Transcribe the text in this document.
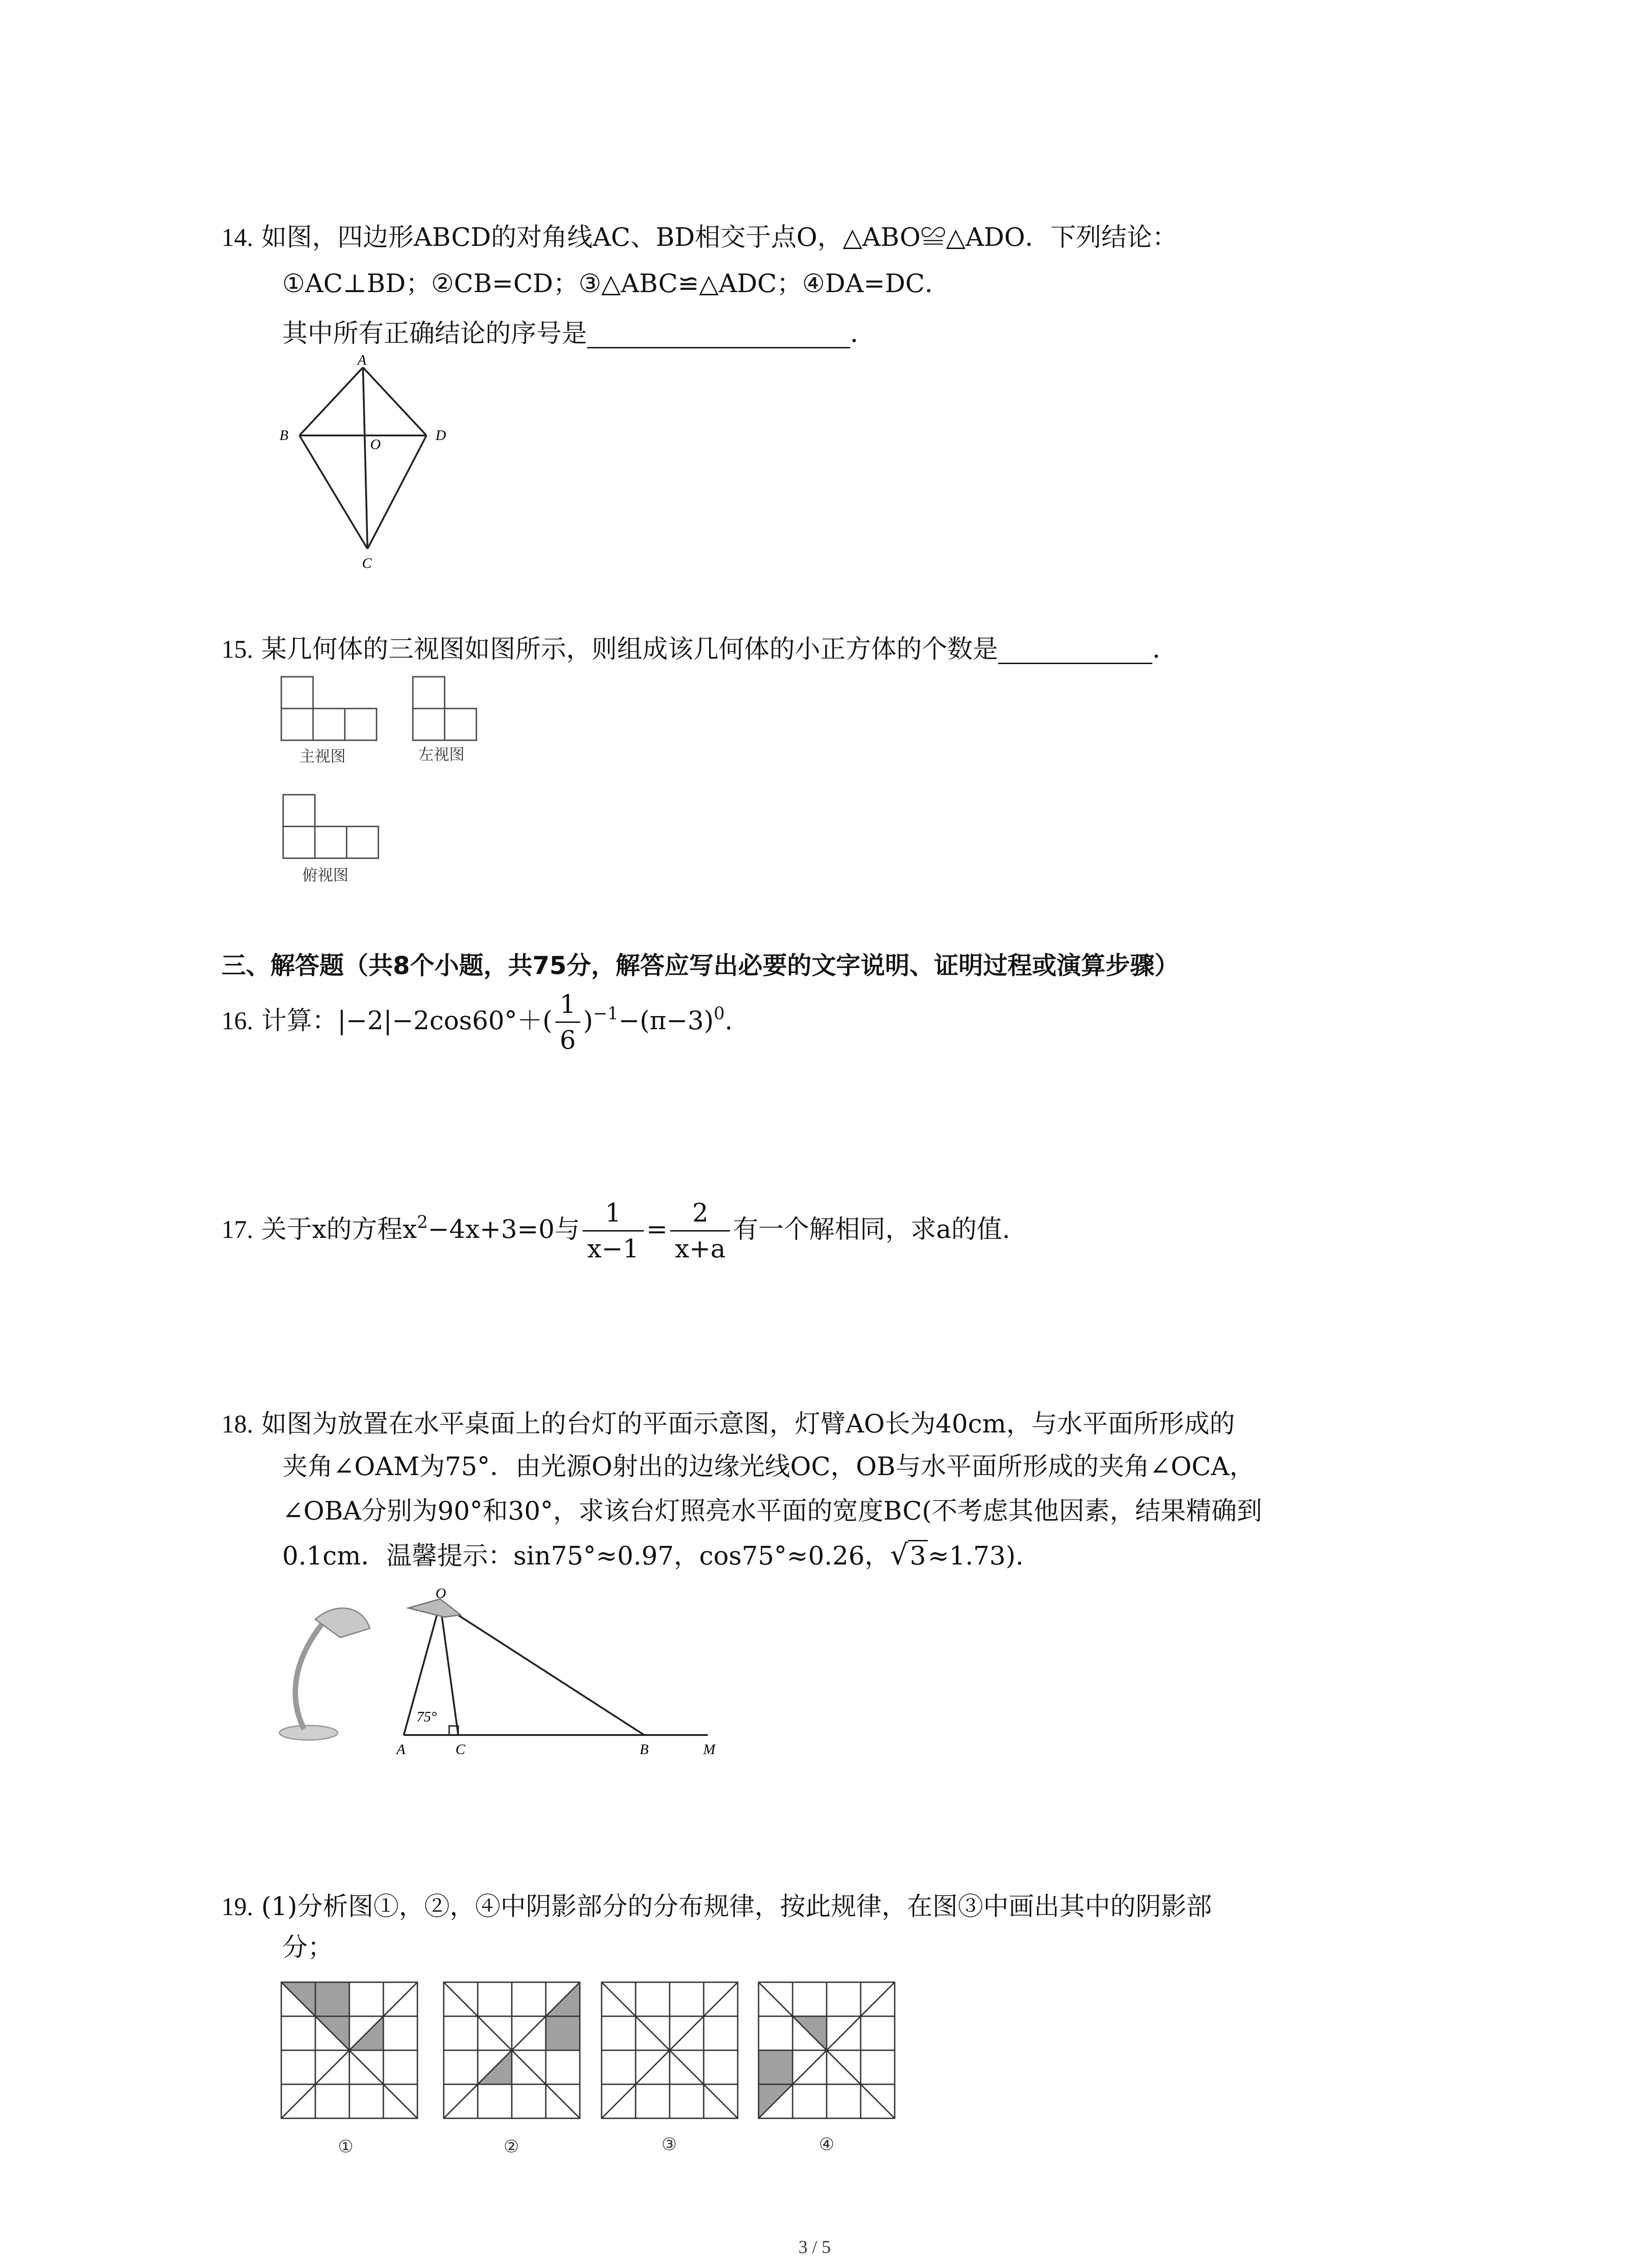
14. 如图，四边形ABCD的对角线AC、BD相交于点O，△ABO≌△ADO．下列结论：
①AC⊥BD；②CB=CD；③△ABC≌△ADC；④DA=DC．
其中所有正确结论的序号是	．
A
B
O
D
C
15. 某几何体的三视图如图所示，则组成该几何体的小正方体的个数是	．
主视图	左视图
俯视图
三、解答题（共8个小题，共75分，解答应写出必要的文字说明、证明过程或演算步骤）
16. 计算：$|-2|-2\cos 60^\circ+( \frac{1}{6} )^{-1}-(\pi-3)^0$.
17. 关于x的方程$x^2-4x+3=0$与 $\frac{1}{x-1} = \frac{2}{x+a}$ 有一个解相同，求a的值.
18. 如图为放置在水平桌面上的台灯的平面示意图，灯臂AO长为40cm，与水平面所形成的
夹角∠OAM为75°．由光源O射出的边缘光线OC，OB与水平面所形成的夹角∠OCA，
∠OBA分别为90°和30°，求该台灯照亮水平面的宽度BC(不考虑其他因素，结果精确到
0.1cm．温馨提示：sin75°≈0.97，cos75°≈0.26，√3≈1.73).
O
75°
A	C	B	M
19. (1)分析图①，②，④中阴影部分的分布规律，按此规律，在图③中画出其中的阴影部
分；
①	②	③	④
3 / 5
